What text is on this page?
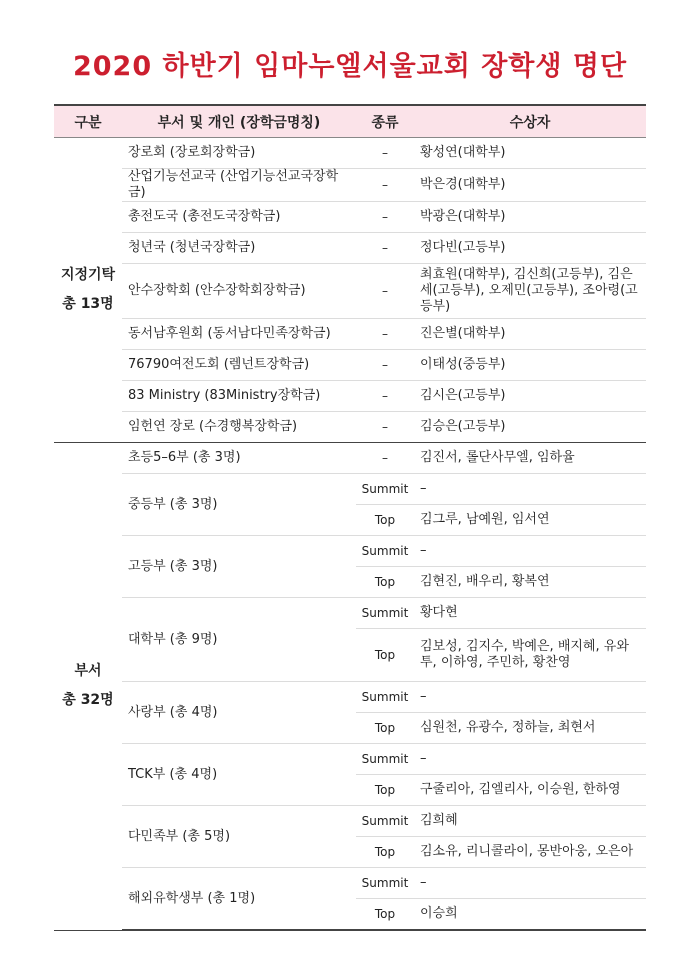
2020 하반기 임마누엘서울교회 장학생 명단
구분	부서 및 개인 (장학금명칭)	종류	수상자

지정기탁
총 13명	장로회 (장로회장학금)	–	황성연(대학부)
	산업기능선교국 (산업기능선교국장학금)	–	박은경(대학부)
	총전도국 (총전도국장학금)	–	박광은(대학부)
	청년국 (청년국장학금)	–	정다빈(고등부)
	안수장학회 (안수장학회장학금)	–	최효원(대학부), 김신희(고등부), 김은세(고등부), 오제민(고등부), 조아령(고등부)
	동서남후원회 (동서남다민족장학금)	–	진은별(대학부)
	76790여전도회 (렘넌트장학금)	–	이태성(중등부)
	83 Ministry (83Ministry장학금)	–	김시은(고등부)
	임헌연 장로 (수경행복장학금)	–	김승은(고등부)

부서
총 32명	초등5–6부 (총 3명)	–	김진서, 롤단사무엘, 임하율
	중등부 (총 3명)	Summit	–
		Top	김그루, 남예원, 임서연
	고등부 (총 3명)	Summit	–
		Top	김현진, 배우리, 황복연
	대학부 (총 9명)	Summit	황다현
		Top	김보성, 김지수, 박예은, 배지혜, 유와투, 이하영, 주민하, 황찬영
	사랑부 (총 4명)	Summit	–
		Top	심원천, 유광수, 정하늘, 최현서
	TCK부 (총 4명)	Summit	–
		Top	구줄리아, 김엘리사, 이승원, 한하영
	다민족부 (총 5명)	Summit	김희혜
		Top	김소유, 리니콜라이, 몽반아웅, 오은아
	해외유학생부 (총 1명)	Summit	–
		Top	이승희
